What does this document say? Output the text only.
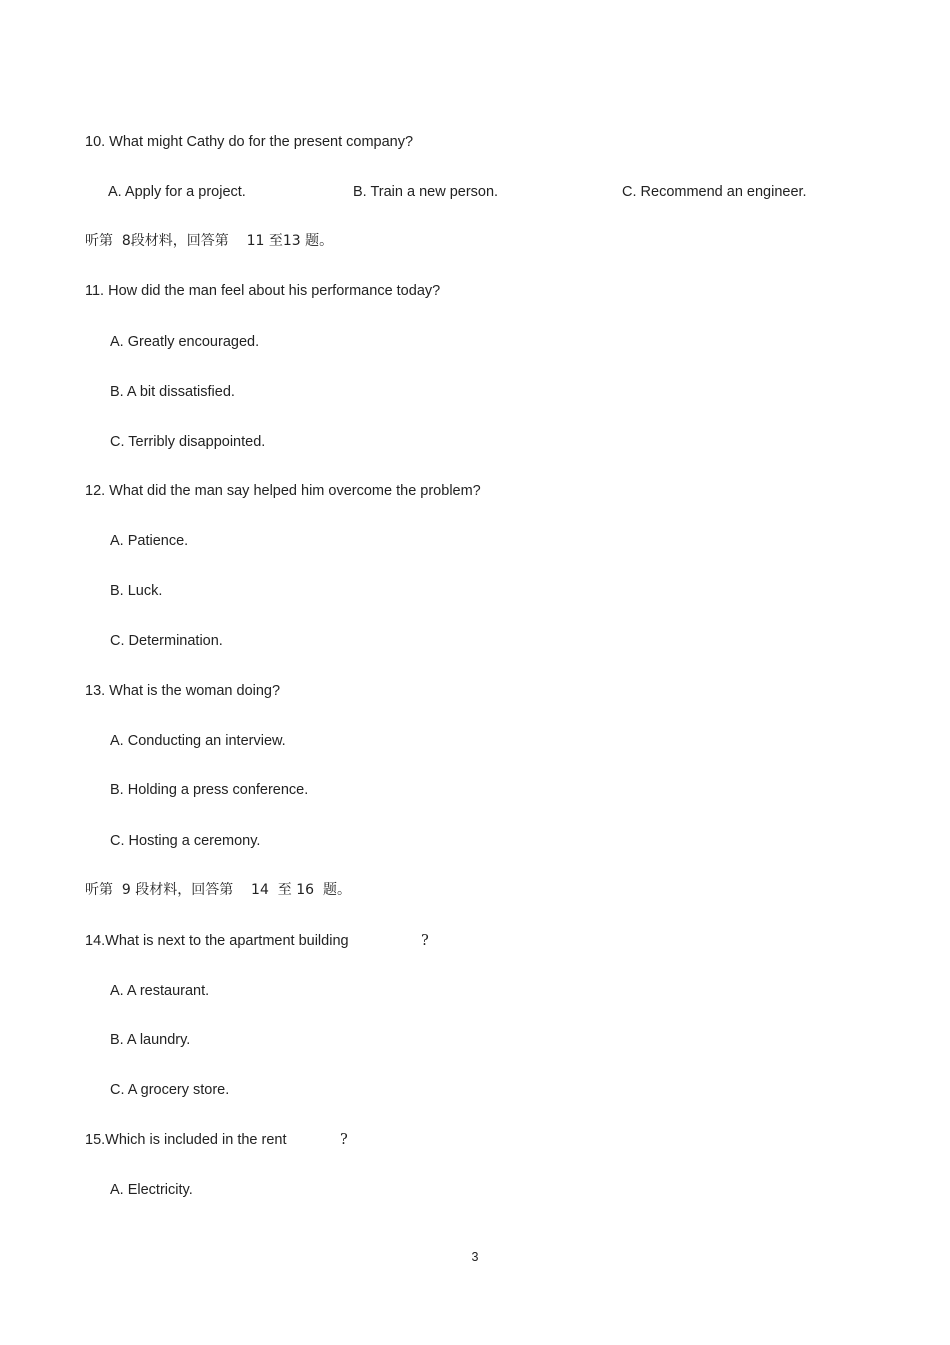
10. What might Cathy do for the present company?
A. Apply for a project.	B. Train a new person.	C. Recommend an engineer.
听第  8段材料，回答第    11 至13 题。
11. How did the man feel about his performance today?
A. Greatly encouraged.
B. A bit dissatisfied.
C. Terribly disappointed.
12. What did the man say helped him overcome the problem?
A. Patience.
B. Luck.
C. Determination.
13. What is the woman doing?
A. Conducting an interview.
B. Holding a press conference.
C. Hosting a ceremony.
听第  9 段材料，回答第    14  至 16  题。
14.What is next to the apartment building	?
A. A restaurant.
B. A laundry.
C. A grocery store.
15.Which is included in the rent	?
A. Electricity.
3
